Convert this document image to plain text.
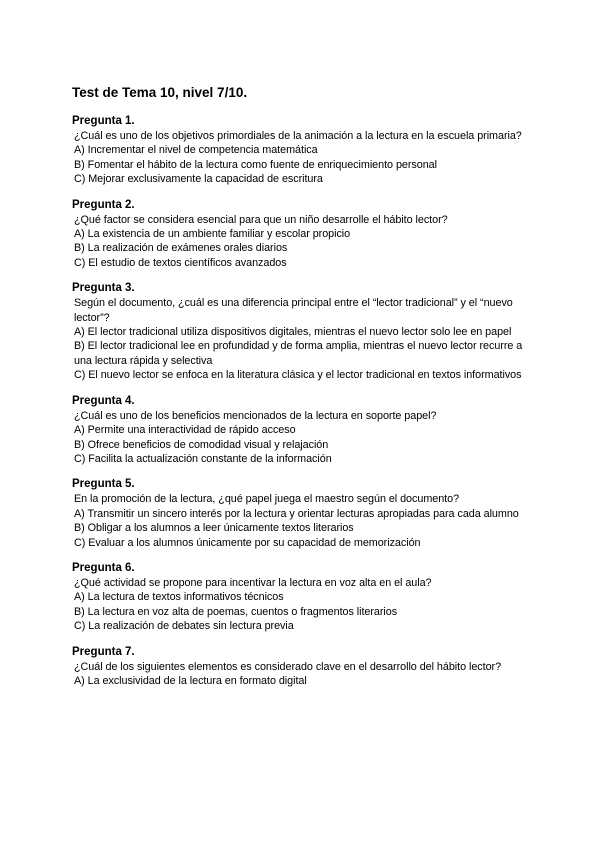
Test de Tema 10, nivel 7/10.
Pregunta 1.
¿Cuál es uno de los objetivos primordiales de la animación a la lectura en la escuela primaria?
A) Incrementar el nivel de competencia matemática
B) Fomentar el hábito de la lectura como fuente de enriquecimiento personal
C) Mejorar exclusivamente la capacidad de escritura
Pregunta 2.
¿Qué factor se considera esencial para que un niño desarrolle el hábito lector?
A) La existencia de un ambiente familiar y escolar propicio
B) La realización de exámenes orales diarios
C) El estudio de textos científicos avanzados
Pregunta 3.
Según el documento, ¿cuál es una diferencia principal entre el “lector tradicional” y el “nuevo lector”?
A) El lector tradicional utiliza dispositivos digitales, mientras el nuevo lector solo lee en papel
B) El lector tradicional lee en profundidad y de forma amplia, mientras el nuevo lector recurre a una lectura rápida y selectiva
C) El nuevo lector se enfoca en la literatura clásica y el lector tradicional en textos informativos
Pregunta 4.
¿Cuál es uno de los beneficios mencionados de la lectura en soporte papel?
A) Permite una interactividad de rápido acceso
B) Ofrece beneficios de comodidad visual y relajación
C) Facilita la actualización constante de la información
Pregunta 5.
En la promoción de la lectura, ¿qué papel juega el maestro según el documento?
A) Transmitir un sincero interés por la lectura y orientar lecturas apropiadas para cada alumno
B) Obligar a los alumnos a leer únicamente textos literarios
C) Evaluar a los alumnos únicamente por su capacidad de memorización
Pregunta 6.
¿Qué actividad se propone para incentivar la lectura en voz alta en el aula?
A) La lectura de textos informativos técnicos
B) La lectura en voz alta de poemas, cuentos o fragmentos literarios
C) La realización de debates sin lectura previa
Pregunta 7.
¿Cuál de los siguientes elementos es considerado clave en el desarrollo del hábito lector?
A) La exclusividad de la lectura en formato digital
